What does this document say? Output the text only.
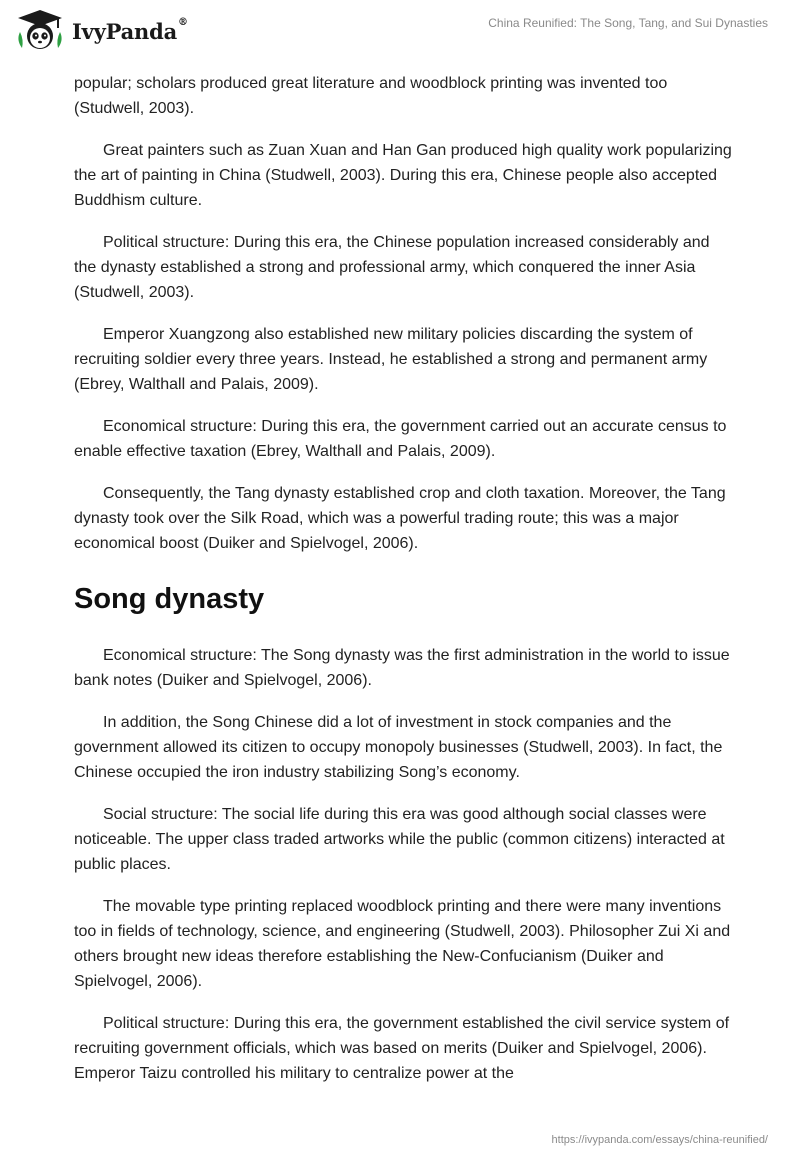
IvyPanda®	China Reunified: The Song, Tang, and Sui Dynasties

popular; scholars produced great literature and woodblock printing was invented too (Studwell, 2003).

Great painters such as Zuan Xuan and Han Gan produced high quality work popularizing the art of painting in China (Studwell, 2003). During this era, Chinese people also accepted Buddhism culture.

Political structure: During this era, the Chinese population increased considerably and the dynasty established a strong and professional army, which conquered the inner Asia (Studwell, 2003).

Emperor Xuangzong also established new military policies discarding the system of recruiting soldier every three years. Instead, he established a strong and permanent army (Ebrey, Walthall and Palais, 2009).

Economical structure: During this era, the government carried out an accurate census to enable effective taxation (Ebrey, Walthall and Palais, 2009).

Consequently, the Tang dynasty established crop and cloth taxation. Moreover, the Tang dynasty took over the Silk Road, which was a powerful trading route; this was a major economical boost (Duiker and Spielvogel, 2006).

Song dynasty

Economical structure: The Song dynasty was the first administration in the world to issue bank notes (Duiker and Spielvogel, 2006).

In addition, the Song Chinese did a lot of investment in stock companies and the government allowed its citizen to occupy monopoly businesses (Studwell, 2003). In fact, the Chinese occupied the iron industry stabilizing Song’s economy.

Social structure: The social life during this era was good although social classes were noticeable. The upper class traded artworks while the public (common citizens) interacted at public places.

The movable type printing replaced woodblock printing and there were many inventions too in fields of technology, science, and engineering (Studwell, 2003). Philosopher Zui Xi and others brought new ideas therefore establishing the New-Confucianism (Duiker and Spielvogel, 2006).

Political structure: During this era, the government established the civil service system of recruiting government officials, which was based on merits (Duiker and Spielvogel, 2006). Emperor Taizu controlled his military to centralize power at the

https://ivypanda.com/essays/china-reunified/
